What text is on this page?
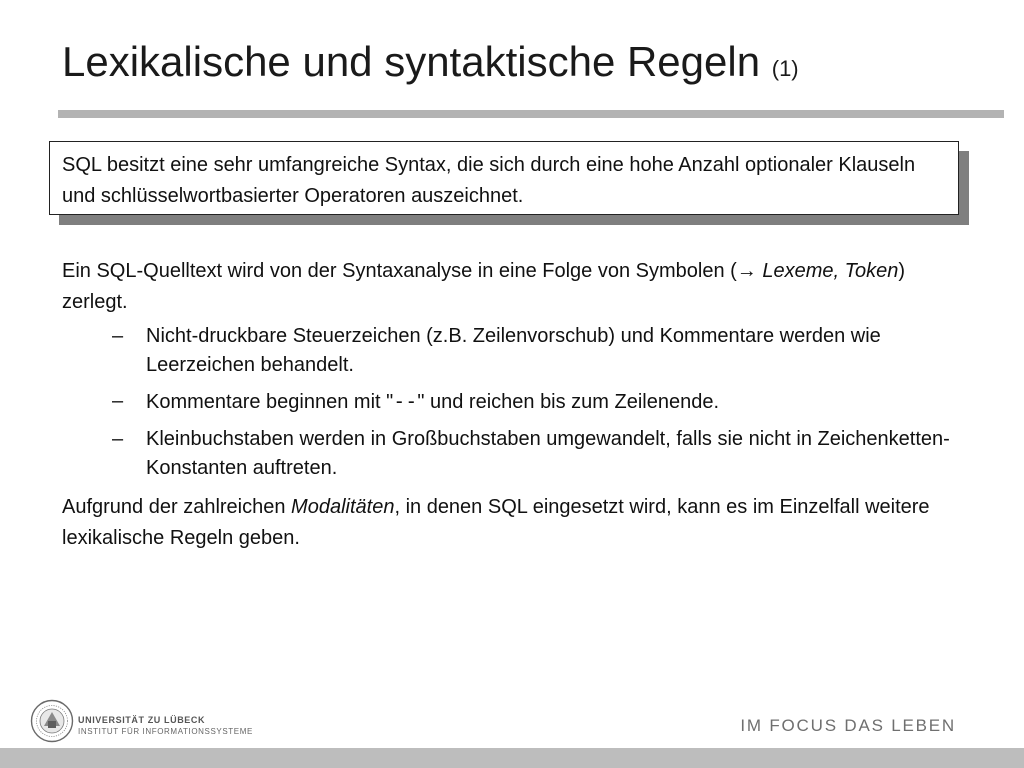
Lexikalische und syntaktische Regeln (1)
SQL besitzt eine sehr umfangreiche Syntax, die sich durch eine hohe Anzahl optionaler Klauseln und schlüsselwortbasierter Operatoren auszeichnet.

Ein SQL-Quelltext wird von der Syntaxanalyse in eine Folge von Symbolen (→ Lexeme, Token) zerlegt.

– Nicht-druckbare Steuerzeichen (z.B. Zeilenvorschub) und Kommentare werden wie Leerzeichen behandelt.
– Kommentare beginnen mit "--" und reichen bis zum Zeilenende.
– Kleinbuchstaben werden in Großbuchstaben umgewandelt, falls sie nicht in Zeichenketten-Konstanten auftreten.

Aufgrund der zahlreichen Modalitäten, in denen SQL eingesetzt wird, kann es im Einzelfall weitere lexikalische Regeln geben.

UNIVERSITÄT ZU LÜBECK
INSTITUT FÜR INFORMATIONSSYSTEME	IM FOCUS DAS LEBEN
